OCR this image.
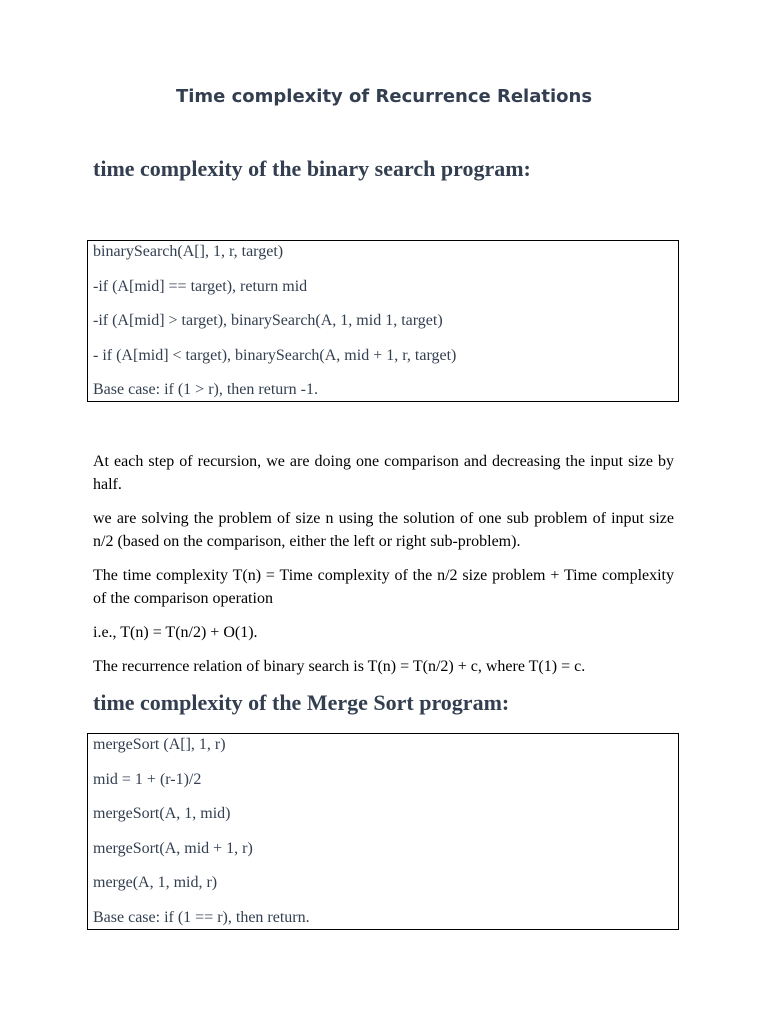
Time complexity of Recurrence Relations
time complexity of the binary search program:
binarySearch(A[], 1, r, target)
-if (A[mid] == target), return mid
-if (A[mid] > target), binarySearch(A, 1, mid 1, target)
- if (A[mid] < target), binarySearch(A, mid + 1, r, target)
Base case: if (1 > r), then return -1.

At each step of recursion, we are doing one comparison and decreasing the input size by half.

we are solving the problem of size n using the solution of one sub problem of input size n/2 (based on the comparison, either the left or right sub-problem).

The time complexity T(n) = Time complexity of the n/2 size problem + Time complexity of the comparison operation

i.e., T(n) = T(n/2) + O(1).

The recurrence relation of binary search is T(n) = T(n/2) + c, where T(1) = c.

time complexity of the Merge Sort program:
mergeSort (A[], 1, r)
mid = 1 + (r-1)/2
mergeSort(A, 1, mid)
mergeSort(A, mid + 1, r)
merge(A, 1, mid, r)
Base case: if (1 == r), then return.
